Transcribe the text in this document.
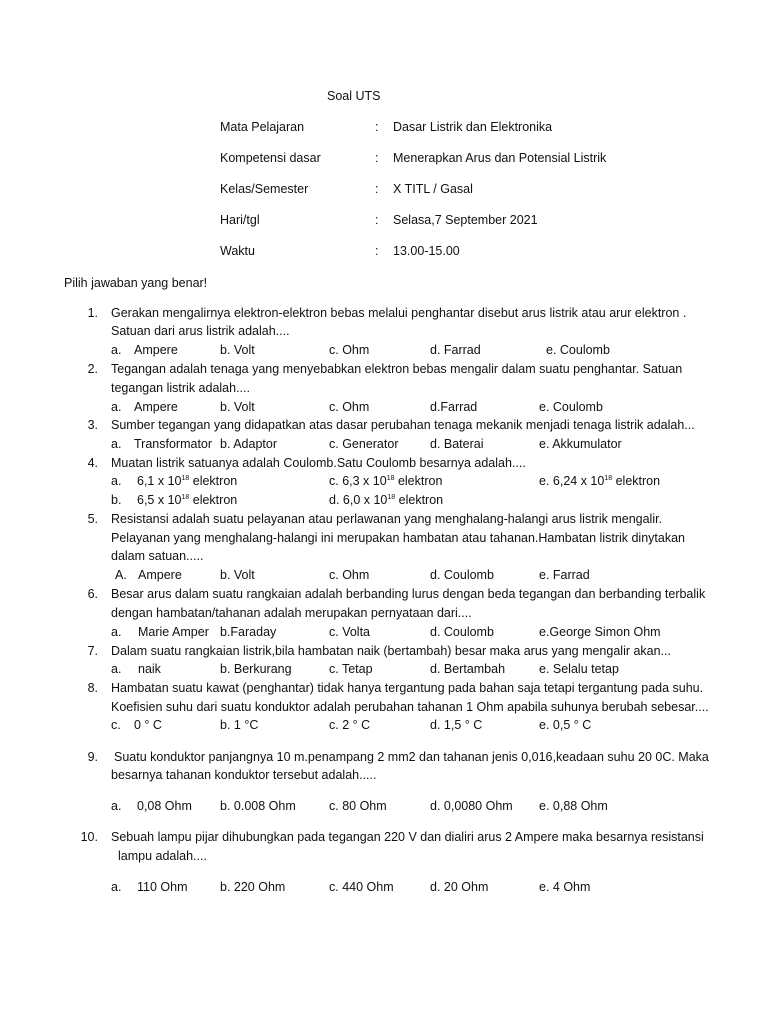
Soal UTS
Mata Pelajaran	: Dasar Listrik dan Elektronika
Kompetensi dasar	: Menerapkan Arus dan Potensial Listrik
Kelas/Semester	: X TITL / Gasal
Hari/tgl	: Selasa,7 September 2021
Waktu	: 13.00-15.00
Pilih jawaban yang benar!
1. Gerakan mengalirnya elektron-elektron bebas melalui penghantar disebut arus listrik atau arur elektron .
Satuan dari arus listrik adalah....
a. Ampere	b. Volt	c. Ohm	d. Farrad	e. Coulomb
2. Tegangan adalah tenaga yang menyebabkan elektron bebas mengalir dalam suatu penghantar. Satuan
tegangan listrik adalah....
a. Ampere	b. Volt	c. Ohm	d.Farrad	e. Coulomb
3. Sumber tegangan yang didapatkan atas dasar perubahan tenaga mekanik menjadi tenaga listrik adalah...
a. Transformator b. Adaptor	c. Generator	d. Baterai	e. Akkumulator
4. Muatan listrik satuanya adalah Coulomb.Satu Coulomb besarnya adalah....
a. 6,1 x $10^{18}$ elektron	c. 6,3 x $10^{18}$ elektron	e. 6,24 x $10^{18}$ elektron
b. 6,5 x $10^{18}$ elektron	d. 6,0 x $10^{18}$ elektron
5. Resistansi adalah suatu pelayanan atau perlawanan yang menghalang-halangi arus listrik mengalir.
Pelayanan yang menghalang-halangi ini merupakan hambatan atau tahanan.Hambatan listrik dinytakan
dalam satuan.....
A. Ampere	b. Volt	c. Ohm	d. Coulomb	e. Farrad
6. Besar arus dalam suatu rangkaian adalah berbanding lurus dengan beda tegangan dan berbanding terbalik
dengan hambatan/tahanan adalah merupakan pernyataan dari....
a. Marie Amper b.Faraday	c. Volta	d. Coulomb	e.George Simon Ohm
7. Dalam suatu rangkaian listrik,bila hambatan naik (bertambah) besar maka arus yang mengalir akan...
a. naik	b. Berkurang	c. Tetap	d. Bertambah	e. Selalu tetap
8. Hambatan suatu kawat (penghantar) tidak hanya tergantung pada bahan saja tetapi tergantung pada suhu.
Koefisien suhu dari suatu konduktor adalah perubahan tahanan 1 Ohm apabila suhunya berubah sebesar....
c. 0 ° C	b. 1 °C	c. 2 ° C	d. 1,5 ° C	e. 0,5 ° C
9. Suatu konduktor panjangnya 10 m.penampang 2 mm2 dan tahanan jenis 0,016,keadaan suhu 20 0C. Maka
besarnya tahanan konduktor tersebut adalah.....
a. 0,08 Ohm b. 0.008 Ohm	c. 80 Ohm	d. 0,0080 Ohm e. 0,88 Ohm
10. Sebuah lampu pijar dihubungkan pada tegangan 220 V dan dialiri arus 2 Ampere maka besarnya resistansi
lampu adalah....
a. 110 Ohm	b. 220 Ohm	c. 440 Ohm	d. 20 Ohm	e. 4 Ohm
